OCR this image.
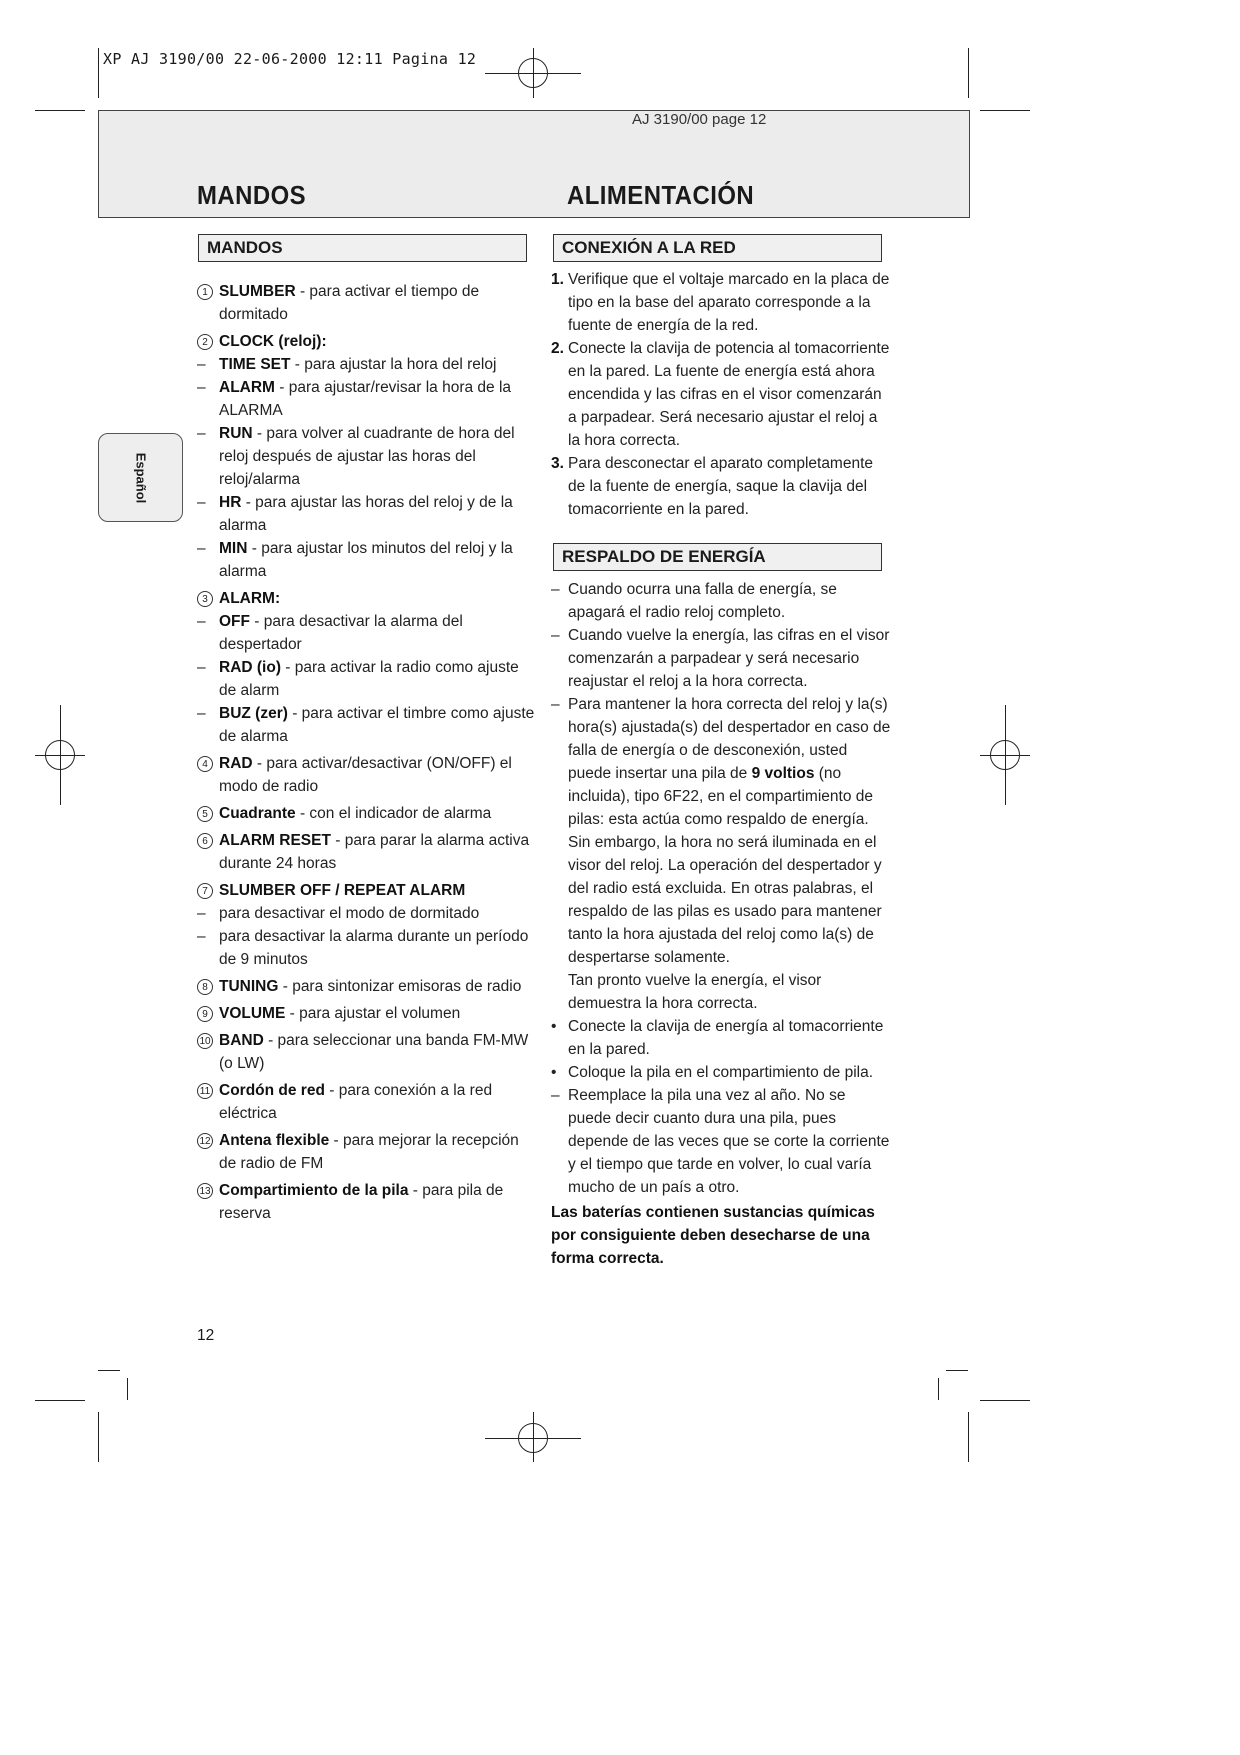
XP AJ 3190/00 22-06-2000 12:11 Pagina 12
AJ 3190/00 page 12
MANDOS	ALIMENTACIÓN
Español
MANDOS
1 SLUMBER - para activar el tiempo de dormitado
2 CLOCK (reloj):
– TIME SET - para ajustar la hora del reloj
– ALARM - para ajustar/revisar la hora de la ALARMA
– RUN - para volver al cuadrante de hora del reloj después de ajustar las horas del reloj/alarma
– HR - para ajustar las horas del reloj y de la alarma
– MIN - para ajustar los minutos del reloj y la alarma
3 ALARM:
– OFF - para desactivar la alarma del despertador
– RAD (io) - para activar la radio como ajuste de alarm
– BUZ (zer) - para activar el timbre como ajuste de alarma
4 RAD - para activar/desactivar (ON/OFF) el modo de radio
5 Cuadrante - con el indicador de alarma
6 ALARM RESET - para parar la alarma activa durante 24 horas
7 SLUMBER OFF / REPEAT ALARM
– para desactivar el modo de dormitado
– para desactivar la alarma durante un período de 9 minutos
8 TUNING - para sintonizar emisoras de radio
9 VOLUME - para ajustar el volumen
10 BAND - para seleccionar una banda FM-MW (o LW)
11 Cordón de red - para conexión a la red eléctrica
12 Antena flexible - para mejorar la recepción de radio de FM
13 Compartimiento de la pila - para pila de reserva
CONEXIÓN A LA RED
1. Verifique que el voltaje marcado en la placa de tipo en la base del aparato corresponde a la fuente de energía de la red.
2. Conecte la clavija de potencia al tomacorriente en la pared. La fuente de energía está ahora encendida y las cifras en el visor comenzarán a parpadear. Será necesario ajustar el reloj a la hora correcta.
3. Para desconectar el aparato completamente de la fuente de energía, saque la clavija del tomacorriente en la pared.
RESPALDO DE ENERGÍA
– Cuando ocurra una falla de energía, se apagará el radio reloj completo.
– Cuando vuelve la energía, las cifras en el visor comenzarán a parpadear y será necesario reajustar el reloj a la hora correcta.
– Para mantener la hora correcta del reloj y la(s) hora(s) ajustada(s) del despertador en caso de falla de energía o de desconexión, usted puede insertar una pila de 9 voltios (no incluida), tipo 6F22, en el compartimiento de pilas: esta actúa como respaldo de energía. Sin embargo, la hora no será iluminada en el visor del reloj. La operación del despertador y del radio está excluida. En otras palabras, el respaldo de las pilas es usado para mantener tanto la hora ajustada del reloj como la(s) de despertarse solamente.
Tan pronto vuelve la energía, el visor demuestra la hora correcta.
• Conecte la clavija de energía al tomacorriente en la pared.
• Coloque la pila en el compartimiento de pila.
– Reemplace la pila una vez al año. No se puede decir cuanto dura una pila, pues depende de las veces que se corte la corriente y el tiempo que tarde en volver, lo cual varía mucho de un país a otro.
Las baterías contienen sustancias químicas por consiguiente deben desecharse de una forma correcta.
12
